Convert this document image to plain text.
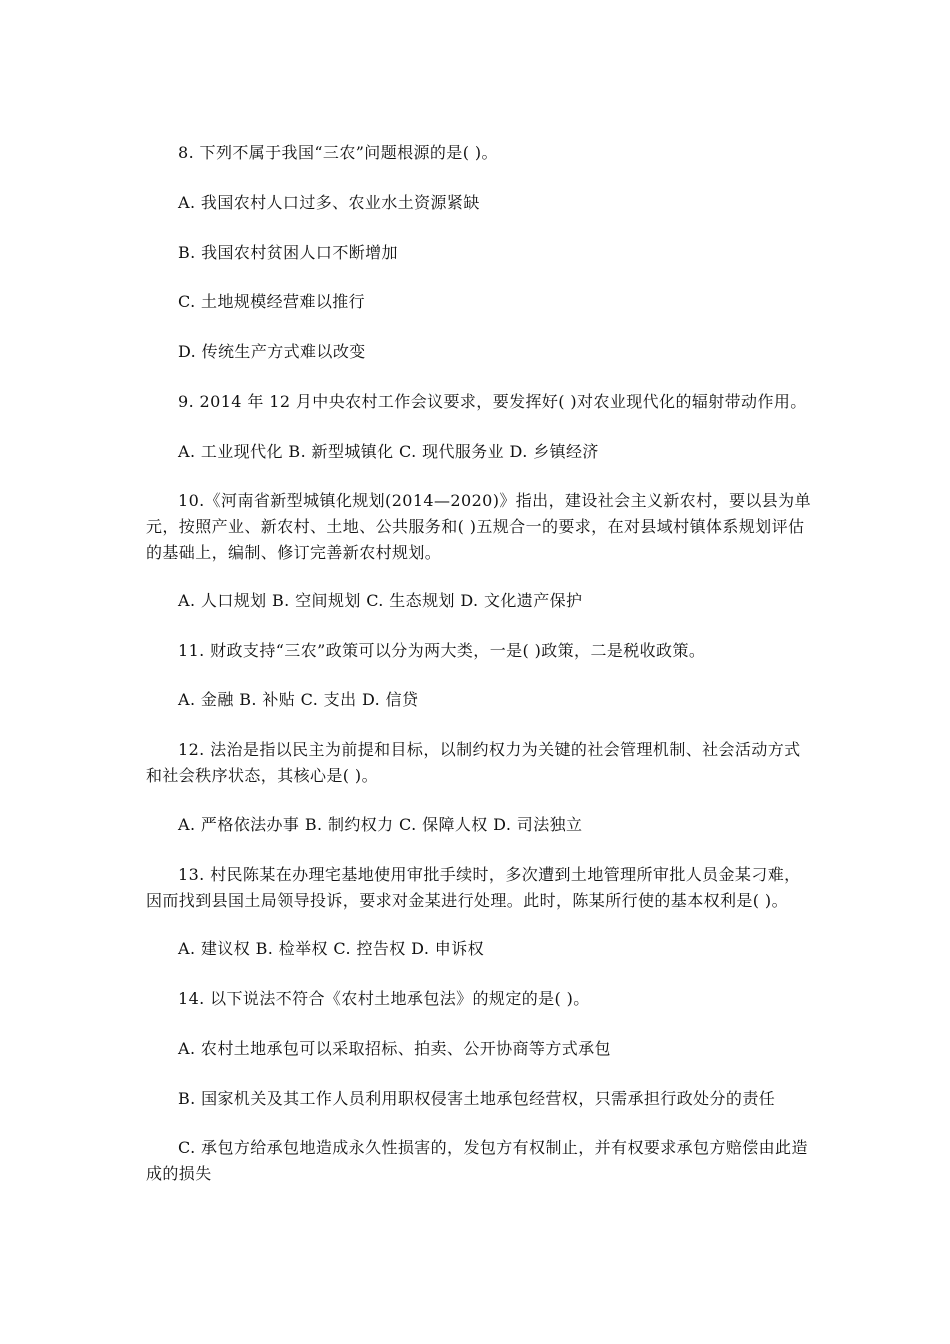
8. 下列不属于我国“三农”问题根源的是( )。
A. 我国农村人口过多、农业水土资源紧缺
B. 我国农村贫困人口不断增加
C. 土地规模经营难以推行
D. 传统生产方式难以改变
9. 2014 年 12 月中央农村工作会议要求，要发挥好( )对农业现代化的辐射带动作用。
A. 工业现代化 B. 新型城镇化 C. 现代服务业 D. 乡镇经济
10.《河南省新型城镇化规划(2014—2020)》指出，建设社会主义新农村，要以县为单元，按照产业、新农村、土地、公共服务和( )五规合一的要求，在对县域村镇体系规划评估的基础上，编制、修订完善新农村规划。
A. 人口规划 B. 空间规划 C. 生态规划 D. 文化遗产保护
11. 财政支持“三农”政策可以分为两大类，一是( )政策，二是税收政策。
A. 金融 B. 补贴 C. 支出 D. 信贷
12. 法治是指以民主为前提和目标，以制约权力为关键的社会管理机制、社会活动方式和社会秩序状态，其核心是( )。
A. 严格依法办事 B. 制约权力 C. 保障人权 D. 司法独立
13. 村民陈某在办理宅基地使用审批手续时，多次遭到土地管理所审批人员金某刁难，因而找到县国土局领导投诉，要求对金某进行处理。此时，陈某所行使的基本权利是( )。
A. 建议权 B. 检举权 C. 控告权 D. 申诉权
14. 以下说法不符合《农村土地承包法》的规定的是( )。
A. 农村土地承包可以采取招标、拍卖、公开协商等方式承包
B. 国家机关及其工作人员利用职权侵害土地承包经营权，只需承担行政处分的责任
C. 承包方给承包地造成永久性损害的，发包方有权制止，并有权要求承包方赔偿由此造成的损失
